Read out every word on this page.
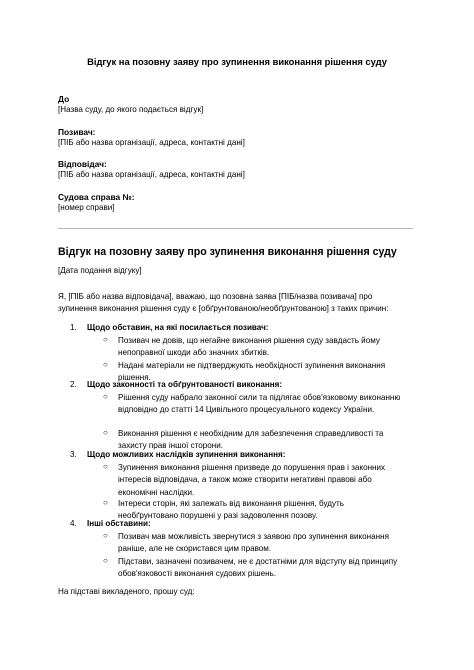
Відгук на позовну заяву про зупинення виконання рішення суду
До
[Назва суду, до якого подається відгук]
Позивач:
[ПІБ або назва організації, адреса, контактні дані]
Відповідач:
[ПІБ або назва організації, адреса, контактні дані]
Судова справа №:
[номер справи]
Відгук на позовну заяву про зупинення виконання рішення суду
[Дата подання відгуку]
Я, [ПІБ або назва відповідача], вважаю, що позовна заява [ПІБ/назва позивача] про зупинення виконання рішення суду є [обґрунтованою/необґрунтованою] з таких причин:
1. Щодо обставин, на які посилається позивач:
○ Позивач не довів, що негайне виконання рішення суду завдасть йому непоправної шкоди або значних збитків.
○ Надані матеріали не підтверджують необхідності зупинення виконання рішення.
2. Щодо законності та обґрунтованості виконання:
○ Рішення суду набрало законної сили та підлягає обов'язковому виконанню відповідно до статті 14 Цивільного процесуального кодексу України.
○ Виконання рішення є необхідним для забезпечення справедливості та захисту прав іншої сторони.
3. Щодо можливих наслідків зупинення виконання:
○ Зупинення виконання рішення призведе до порушення прав і законних інтересів відповідача, а також може створити негативні правові або економічні наслідки.
○ Інтереси сторін, які залежать від виконання рішення, будуть необґрунтовано порушені у разі задоволення позову.
4. Інші обставини:
○ Позивач мав можливість звернутися з заявою про зупинення виконання раніше, але не скористався цим правом.
○ Підстави, зазначені позивачем, не є достатніми для відступу від принципу обов'язковості виконання судових рішень.
На підставі викладеного, прошу суд:
